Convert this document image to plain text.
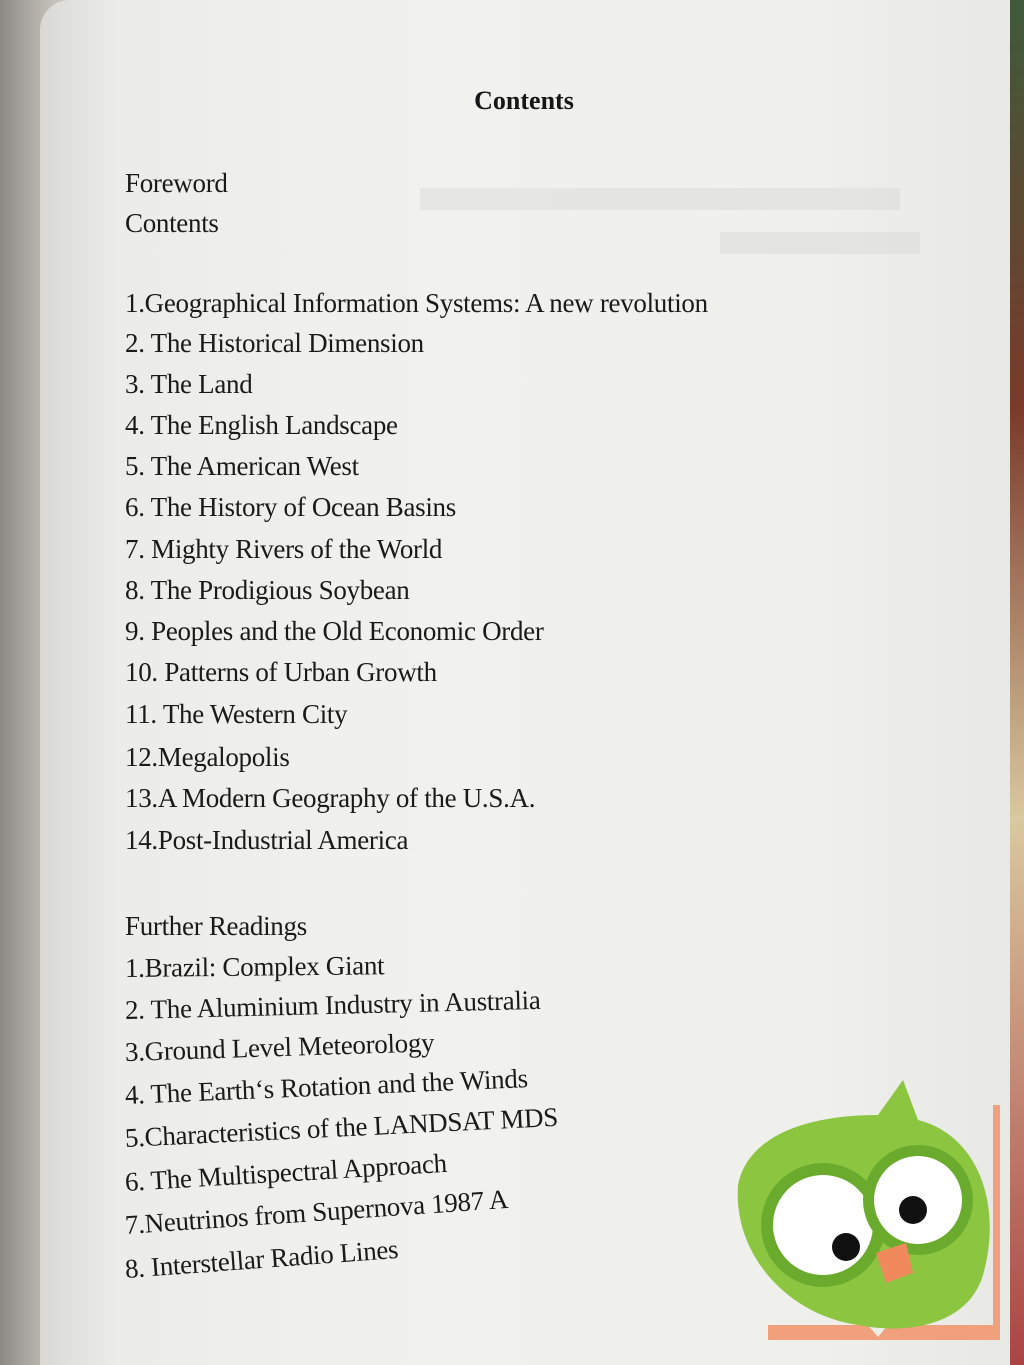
Contents
Foreword
Contents
1.Geographical Information Systems: A new revolution
2. The Historical Dimension
3. The Land
4. The English Landscape
5. The American West
6. The History of Ocean Basins
7. Mighty Rivers of the World
8. The Prodigious Soybean
9. Peoples and the Old Economic Order
10. Patterns of Urban Growth
11. The Western City
12.Megalopolis
13.A Modern Geography of the U.S.A.
14.Post-Industrial America
Further Readings
1.Brazil: Complex Giant
2. The Aluminium Industry in Australia
3.Ground Level Meteorology
4. The Earth‘s Rotation and the Winds
5.Characteristics of the LANDSAT MDS
6. The Multispectral Approach
7.Neutrinos from Supernova 1987 A
8. Interstellar Radio Lines
